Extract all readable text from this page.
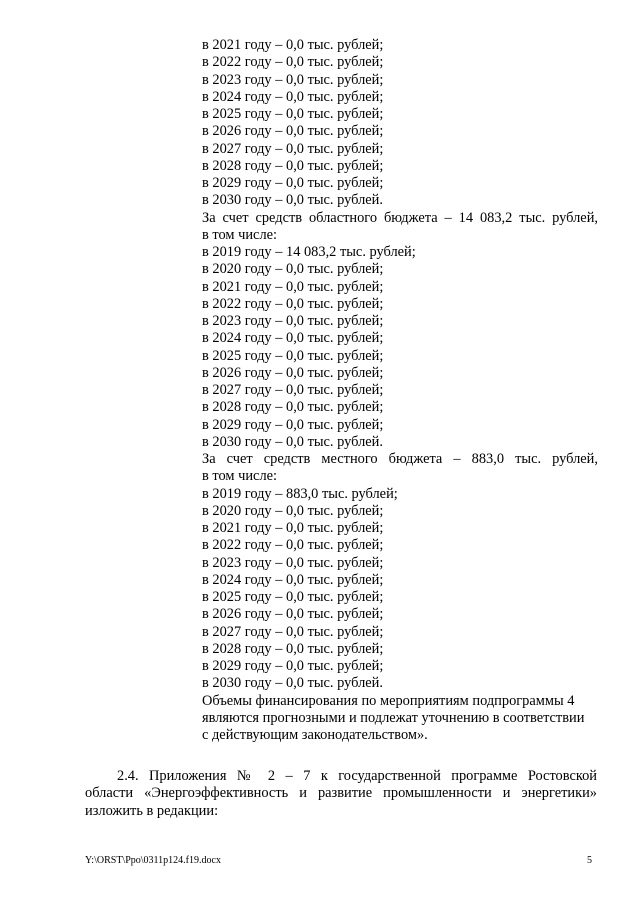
в 2021 году – 0,0 тыс. рублей;
в 2022 году – 0,0 тыс. рублей;
в 2023 году – 0,0 тыс. рублей;
в 2024 году – 0,0 тыс. рублей;
в 2025 году – 0,0 тыс. рублей;
в 2026 году – 0,0 тыс. рублей;
в 2027 году – 0,0 тыс. рублей;
в 2028 году – 0,0 тыс. рублей;
в 2029 году – 0,0 тыс. рублей;
в 2030 году – 0,0 тыс. рублей.
За счет средств областного бюджета – 14 083,2 тыс. рублей,
в том числе:
в 2019 году – 14 083,2 тыс. рублей;
в 2020 году – 0,0 тыс. рублей;
в 2021 году – 0,0 тыс. рублей;
в 2022 году – 0,0 тыс. рублей;
в 2023 году – 0,0 тыс. рублей;
в 2024 году – 0,0 тыс. рублей;
в 2025 году – 0,0 тыс. рублей;
в 2026 году – 0,0 тыс. рублей;
в 2027 году – 0,0 тыс. рублей;
в 2028 году – 0,0 тыс. рублей;
в 2029 году – 0,0 тыс. рублей;
в 2030 году – 0,0 тыс. рублей.
За счет средств местного бюджета – 883,0 тыс. рублей,
в том числе:
в 2019 году – 883,0 тыс. рублей;
в 2020 году – 0,0 тыс. рублей;
в 2021 году – 0,0 тыс. рублей;
в 2022 году – 0,0 тыс. рублей;
в 2023 году – 0,0 тыс. рублей;
в 2024 году – 0,0 тыс. рублей;
в 2025 году – 0,0 тыс. рублей;
в 2026 году – 0,0 тыс. рублей;
в 2027 году – 0,0 тыс. рублей;
в 2028 году – 0,0 тыс. рублей;
в 2029 году – 0,0 тыс. рублей;
в 2030 году – 0,0 тыс. рублей.
Объемы финансирования по мероприятиям подпрограммы 4
являются прогнозными и подлежат уточнению в соответствии
с действующим законодательством».
2.4. Приложения № 2 – 7 к государственной программе Ростовской
области «Энергоэффективность и развитие промышленности и энергетики»
изложить в редакции:
Y:\ORST\Ppo\0311p124.f19.docx	5
